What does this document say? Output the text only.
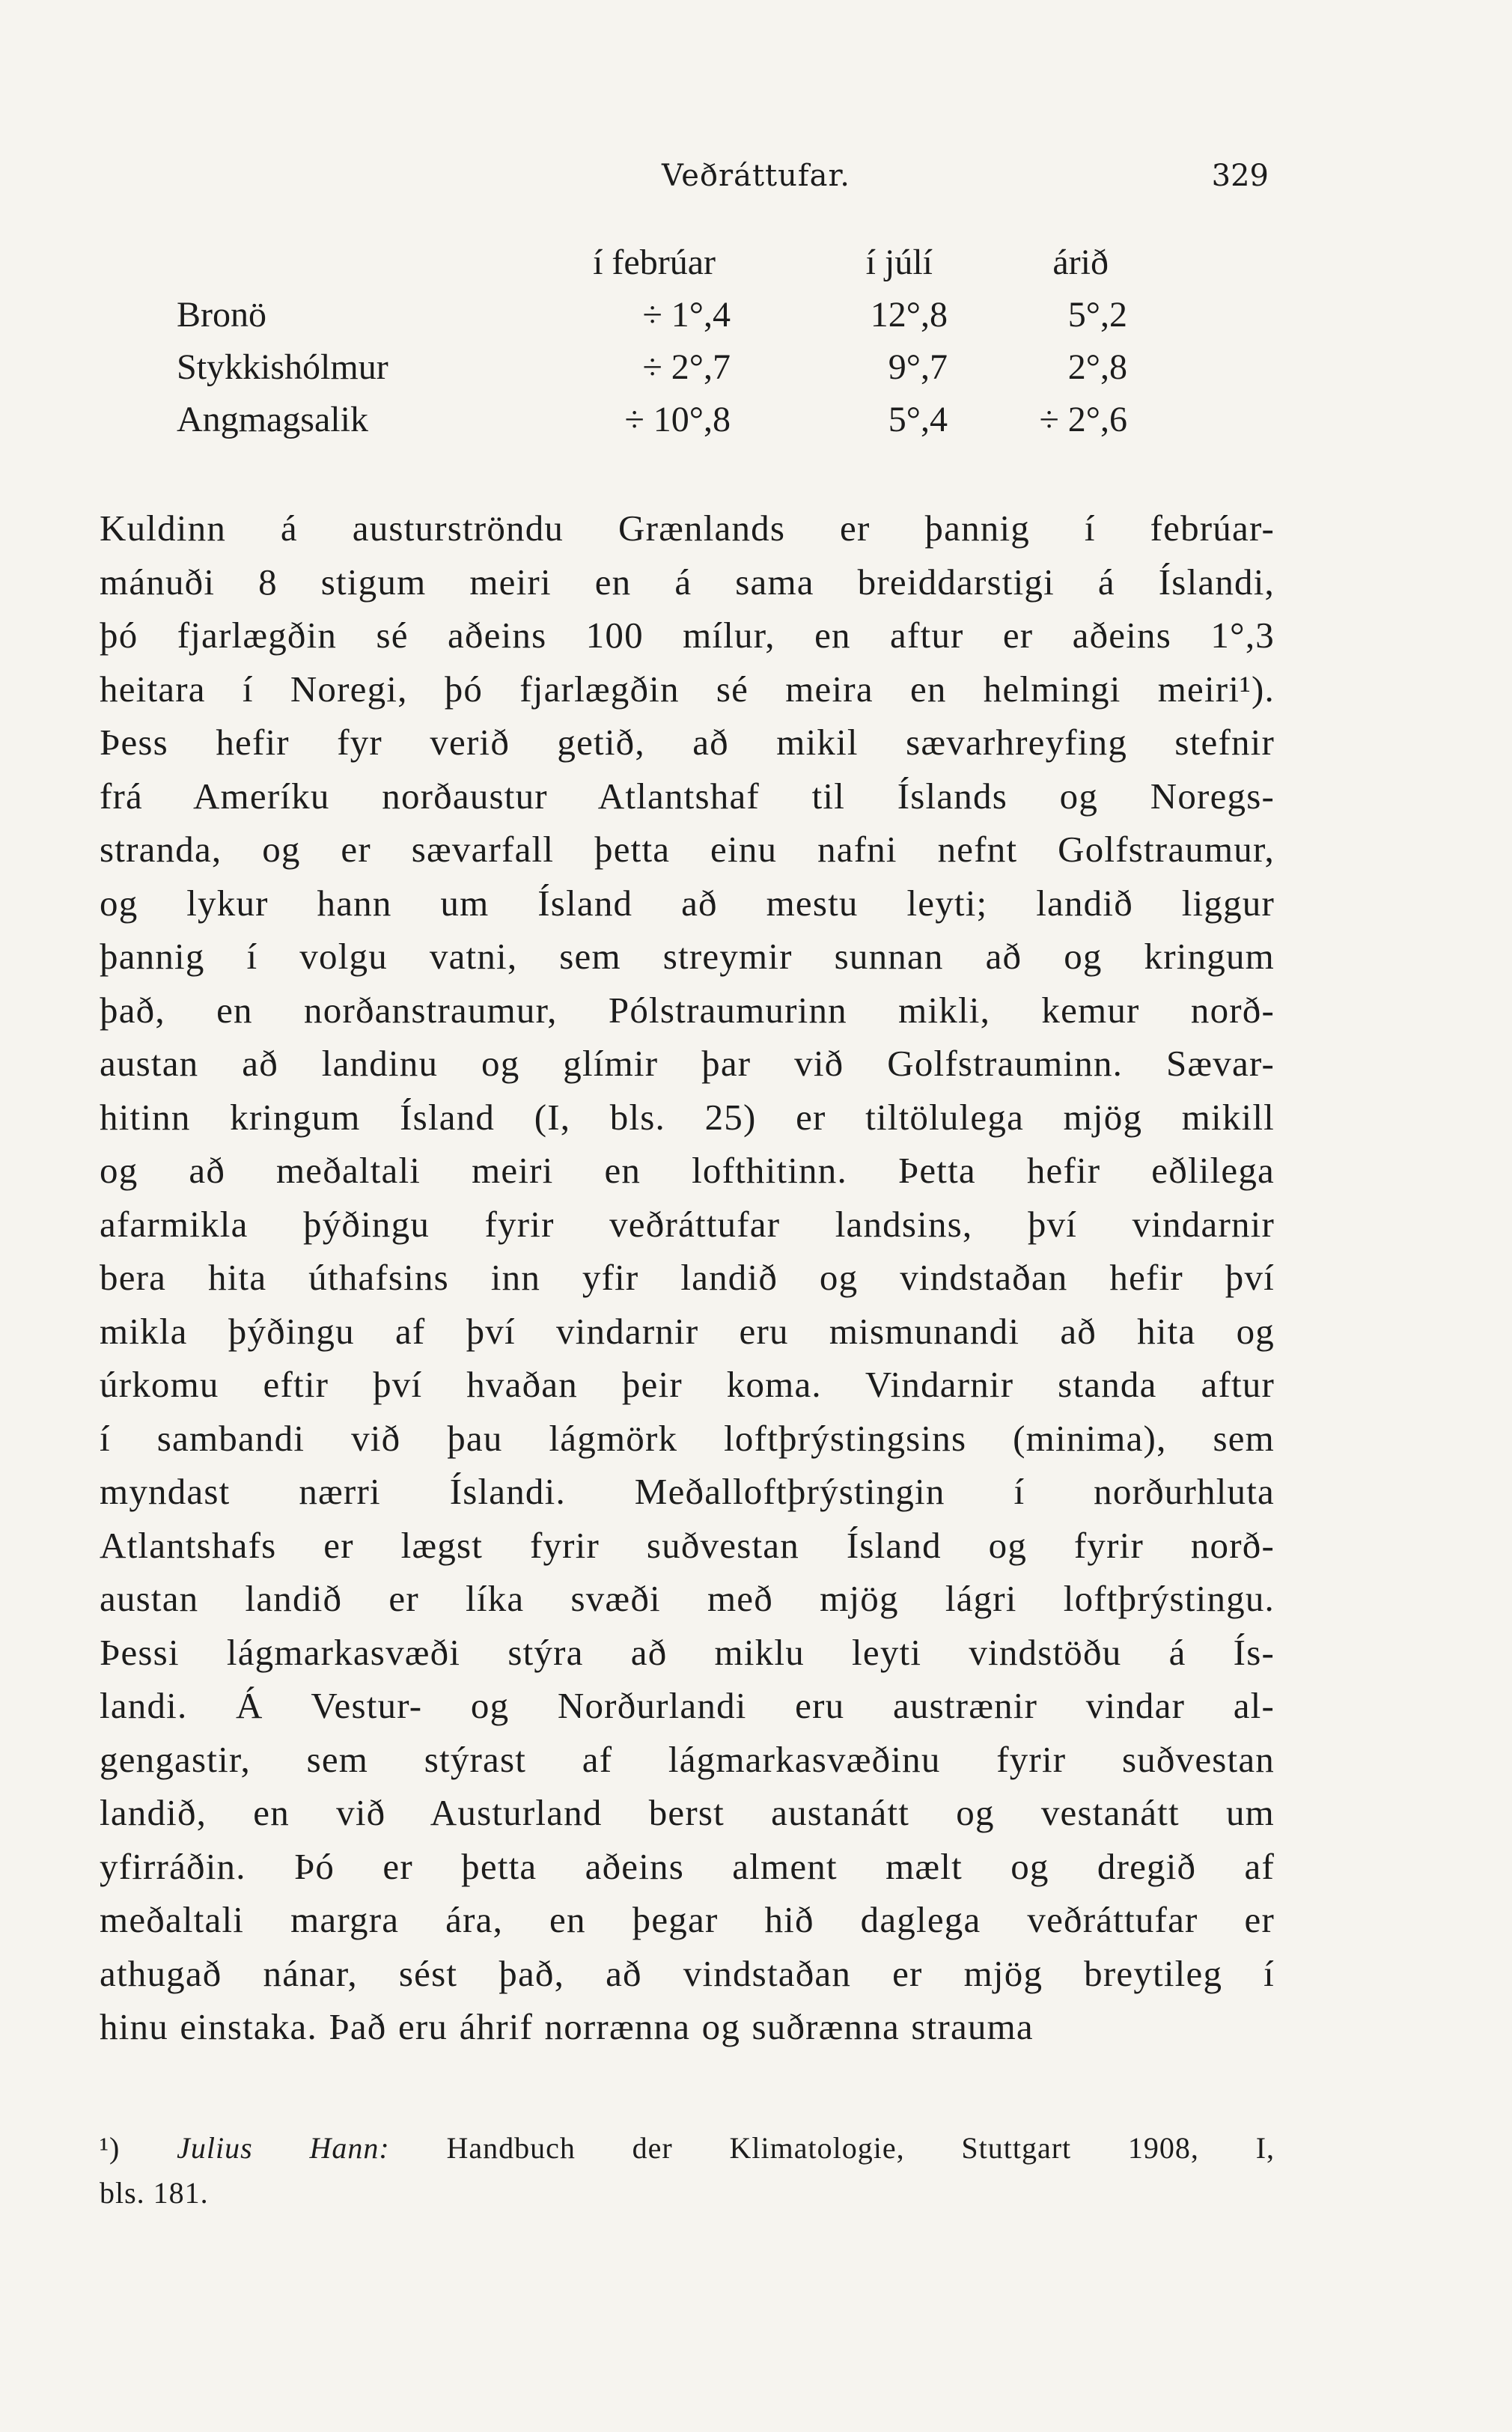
Veðráttufar.	329
	í febrúar	í júlí	árið
Bronö	÷ 1°,4	12°,8	5°,2
Stykkishólmur	÷ 2°,7	9°,7	2°,8
Angmagsalik	÷ 10°,8	5°,4	÷ 2°,6
Kuldinn á austurströndu Grænlands er þannig í febrúar-
mánuði 8 stigum meiri en á sama breiddarstigi á Íslandi,
þó fjarlægðin sé aðeins 100 mílur, en aftur er aðeins 1°,3
heitara í Noregi, þó fjarlægðin sé meira en helmingi meiri¹).
Þess hefir fyr verið getið, að mikil sævarhreyfing stefnir
frá Ameríku norðaustur Atlantshaf til Íslands og Noregs-
stranda, og er sævarfall þetta einu nafni nefnt Golfstraumur,
og lykur hann um Ísland að mestu leyti; landið liggur
þannig í volgu vatni, sem streymir sunnan að og kringum
það, en norðanstraumur, Pólstraumurinn mikli, kemur norð-
austan að landinu og glímir þar við Golfstrauminn. Sævar-
hitinn kringum Ísland (I, bls. 25) er tiltölulega mjög mikill
og að meðaltali meiri en lofthitinn. Þetta hefir eðlilega
afarmikla þýðingu fyrir veðráttufar landsins, því vindarnir
bera hita úthafsins inn yfir landið og vindstaðan hefir því
mikla þýðingu af því vindarnir eru mismunandi að hita og
úrkomu eftir því hvaðan þeir koma. Vindarnir standa aftur
í sambandi við þau lágmörk loftþrýstingsins (minima), sem
myndast nærri Íslandi. Meðalloftþrýstingin í norðurhluta
Atlantshafs er lægst fyrir suðvestan Ísland og fyrir norð-
austan landið er líka svæði með mjög lágri loftþrýstingu.
Þessi lágmarkasvæði stýra að miklu leyti vindstöðu á Ís-
landi. Á Vestur- og Norðurlandi eru austrænir vindar al-
gengastir, sem stýrast af lágmarkasvæðinu fyrir suðvestan
landið, en við Austurland berst austanátt og vestanátt um
yfirráðin. Þó er þetta aðeins alment mælt og dregið af
meðaltali margra ára, en þegar hið daglega veðráttufar er
athugað nánar, sést það, að vindstaðan er mjög breytileg í
hinu einstaka. Það eru áhrif norrænna og suðrænna strauma
¹) Julius Hann: Handbuch der Klimatologie, Stuttgart 1908, I,
bls. 181.
